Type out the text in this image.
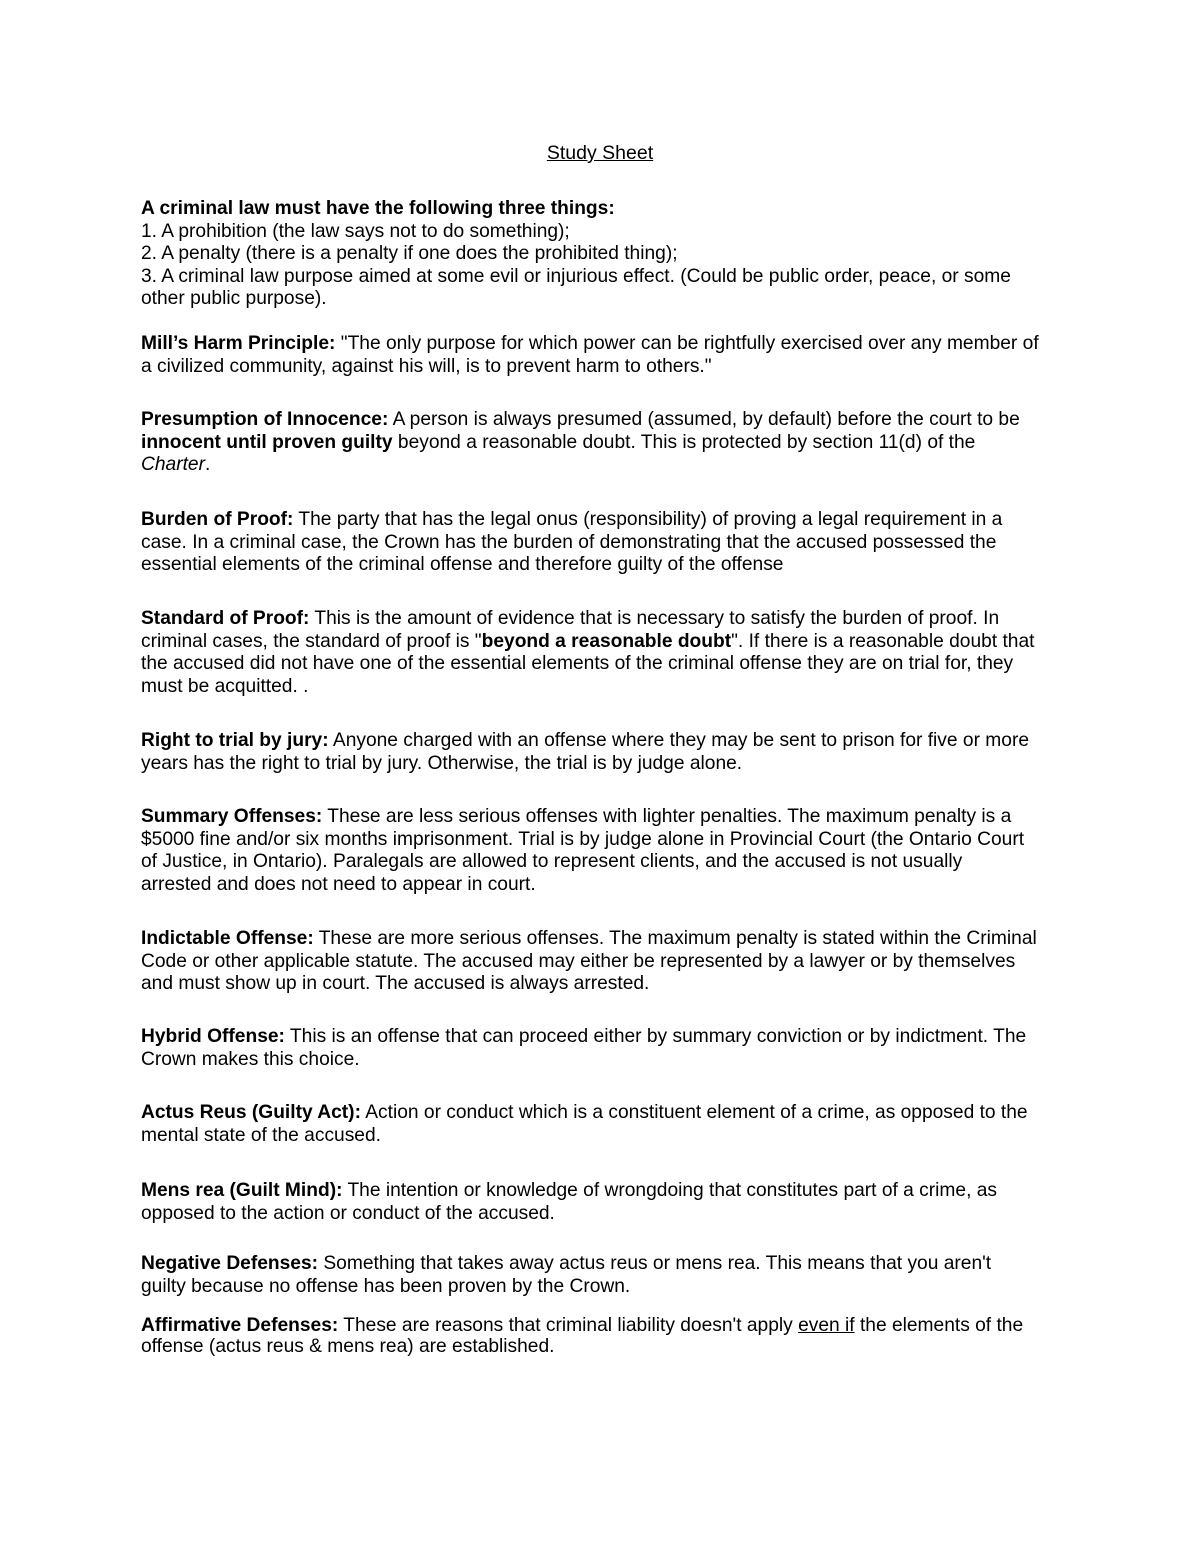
Study Sheet
A criminal law must have the following three things:
1. A prohibition (the law says not to do something);
2. A penalty (there is a penalty if one does the prohibited thing);
3. A criminal law purpose aimed at some evil or injurious effect. (Could be public order, peace, or some
other public purpose).
Mill’s Harm Principle: "The only purpose for which power can be rightfully exercised over any member of
a civilized community, against his will, is to prevent harm to others."
Presumption of Innocence: A person is always presumed (assumed, by default) before the court to be
innocent until proven guilty beyond a reasonable doubt. This is protected by section 11(d) of the
Charter.
Burden of Proof: The party that has the legal onus (responsibility) of proving a legal requirement in a
case. In a criminal case, the Crown has the burden of demonstrating that the accused possessed the
essential elements of the criminal offense and therefore guilty of the offense
Standard of Proof: This is the amount of evidence that is necessary to satisfy the burden of proof. In
criminal cases, the standard of proof is "beyond a reasonable doubt". If there is a reasonable doubt that
the accused did not have one of the essential elements of the criminal offense they are on trial for, they
must be acquitted. .
Right to trial by jury: Anyone charged with an offense where they may be sent to prison for five or more
years has the right to trial by jury. Otherwise, the trial is by judge alone.
Summary Offenses: These are less serious offenses with lighter penalties. The maximum penalty is a
$5000 fine and/or six months imprisonment. Trial is by judge alone in Provincial Court (the Ontario Court
of Justice, in Ontario). Paralegals are allowed to represent clients, and the accused is not usually
arrested and does not need to appear in court.
Indictable Offense: These are more serious offenses. The maximum penalty is stated within the Criminal
Code or other applicable statute. The accused may either be represented by a lawyer or by themselves
and must show up in court. The accused is always arrested.
Hybrid Offense: This is an offense that can proceed either by summary conviction or by indictment. The
Crown makes this choice.
Actus Reus (Guilty Act): Action or conduct which is a constituent element of a crime, as opposed to the
mental state of the accused.
Mens rea (Guilt Mind): The intention or knowledge of wrongdoing that constitutes part of a crime, as
opposed to the action or conduct of the accused.
Negative Defenses: Something that takes away actus reus or mens rea. This means that you aren't
guilty because no offense has been proven by the Crown.
Affirmative Defenses: These are reasons that criminal liability doesn't apply even if the elements of the
offense (actus reus & mens rea) are established.
